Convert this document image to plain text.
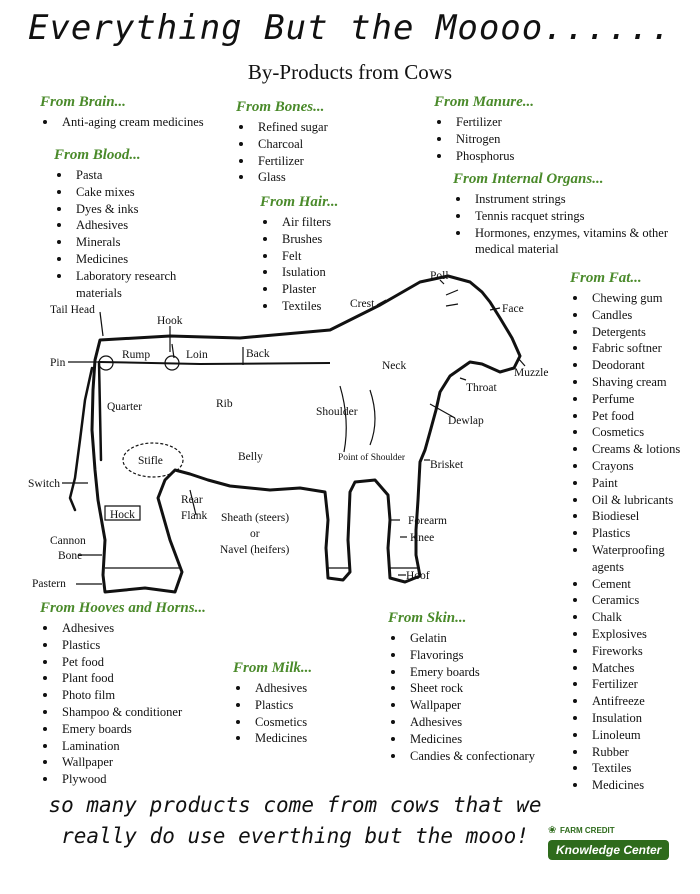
Everything But the Moooo......
By-Products from Cows
From Brain...
Anti-aging cream medicines
From Blood...
Pasta
Cake mixes
Dyes & inks
Adhesives
Minerals
Medicines
Laboratory research materials
From Bones...
Refined sugar
Charcoal
Fertilizer
Glass
From Hair...
Air filters
Brushes
Felt
Isulation
Plaster
Textiles
From Manure...
Fertilizer
Nitrogen
Phosphorus
From Internal Organs...
Instrument strings
Tennis racquet strings
Hormones, enzymes, vitamins & other medical material
From Fat...
Chewing gum
Candles
Detergents
Fabric softner
Deodorant
Shaving cream
Perfume
Pet food
Cosmetics
Creams & lotions
Crayons
Paint
Oil & lubricants
Biodiesel
Plastics
Waterproofing agents
Cement
Ceramics
Chalk
Explosives
Fireworks
Matches
Fertilizer
Antifreeze
Insulation
Linoleum
Rubber
Textiles
Medicines
From Hooves and Horns...
Adhesives
Plastics
Pet food
Plant food
Photo film
Shampoo & conditioner
Emery boards
Lamination
Wallpaper
Plywood
From Milk...
Adhesives
Plastics
Cosmetics
Medicines
From Skin...
Gelatin
Flavorings
Emery boards
Sheet rock
Wallpaper
Adhesives
Medicines
Candies & confectionary
Poll
Crest	Face
Muzzle
Tail Head
Hook
Pin
Rump	Loin	Back
Neck
Throat
Quarter	Rib
Shoulder
Dewlap
Stifle	Belly	Point of Shoulder
Brisket
Switch
Rear
Flank Sheath (steers)
or
Navel (heifers)
Forearm
Hock
Knee
Cannon
Bone
Pastern
Hoof
so many products come from cows that we really do use everthing but the mooo!	❀ FARM CREDIT
Knowledge Center
